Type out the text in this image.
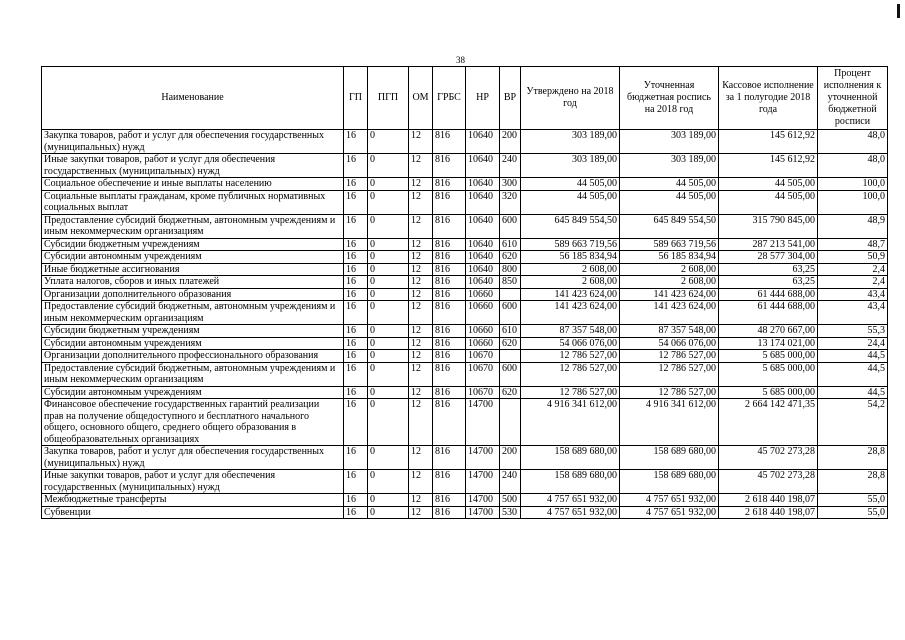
38
Наименование	ГП	ПГП	ОМ	ГРБС	НР	ВР	Утверждено на 2018 год	Уточненная бюджетная роспись на 2018 год	Кассовое исполнение за 1 полугодие 2018 года	Процент исполнения к уточненной бюджетной росписи
Закупка товаров, работ и услуг для обеспечения государственных (муниципальных) нужд	16	0	12	816	10640	200	303 189,00	303 189,00	145 612,92	48,0
Иные закупки товаров, работ и услуг для обеспечения государственных (муниципальных) нужд	16	0	12	816	10640	240	303 189,00	303 189,00	145 612,92	48,0
Социальное обеспечение и иные выплаты населению	16	0	12	816	10640	300	44 505,00	44 505,00	44 505,00	100,0
Социальные выплаты гражданам, кроме публичных нормативных социальных выплат	16	0	12	816	10640	320	44 505,00	44 505,00	44 505,00	100,0
Предоставление субсидий бюджетным, автономным учреждениям и иным некоммерческим организациям	16	0	12	816	10640	600	645 849 554,50	645 849 554,50	315 790 845,00	48,9
Субсидии бюджетным учреждениям	16	0	12	816	10640	610	589 663 719,56	589 663 719,56	287 213 541,00	48,7
Субсидии автономным учреждениям	16	0	12	816	10640	620	56 185 834,94	56 185 834,94	28 577 304,00	50,9
Иные бюджетные ассигнования	16	0	12	816	10640	800	2 608,00	2 608,00	63,25	2,4
Уплата налогов, сборов и иных платежей	16	0	12	816	10640	850	2 608,00	2 608,00	63,25	2,4
Организации дополнительного образования	16	0	12	816	10660		141 423 624,00	141 423 624,00	61 444 688,00	43,4
Предоставление субсидий бюджетным, автономным учреждениям и иным некоммерческим организациям	16	0	12	816	10660	600	141 423 624,00	141 423 624,00	61 444 688,00	43,4
Субсидии бюджетным учреждениям	16	0	12	816	10660	610	87 357 548,00	87 357 548,00	48 270 667,00	55,3
Субсидии автономным учреждениям	16	0	12	816	10660	620	54 066 076,00	54 066 076,00	13 174 021,00	24,4
Организации дополнительного профессионального образования	16	0	12	816	10670		12 786 527,00	12 786 527,00	5 685 000,00	44,5
Предоставление субсидий бюджетным, автономным учреждениям и иным некоммерческим организациям	16	0	12	816	10670	600	12 786 527,00	12 786 527,00	5 685 000,00	44,5
Субсидии автономным учреждениям	16	0	12	816	10670	620	12 786 527,00	12 786 527,00	5 685 000,00	44,5
Финансовое обеспечение государственных гарантий реализации прав на получение общедоступного и бесплатного начального общего, основного общего, среднего общего образования в общеобразовательных организациях	16	0	12	816	14700		4 916 341 612,00	4 916 341 612,00	2 664 142 471,35	54,2
Закупка товаров, работ и услуг для обеспечения государственных (муниципальных) нужд	16	0	12	816	14700	200	158 689 680,00	158 689 680,00	45 702 273,28	28,8
Иные закупки товаров, работ и услуг для обеспечения государственных (муниципальных) нужд	16	0	12	816	14700	240	158 689 680,00	158 689 680,00	45 702 273,28	28,8
Межбюджетные трансферты	16	0	12	816	14700	500	4 757 651 932,00	4 757 651 932,00	2 618 440 198,07	55,0
Субвенции	16	0	12	816	14700	530	4 757 651 932,00	4 757 651 932,00	2 618 440 198,07	55,0
